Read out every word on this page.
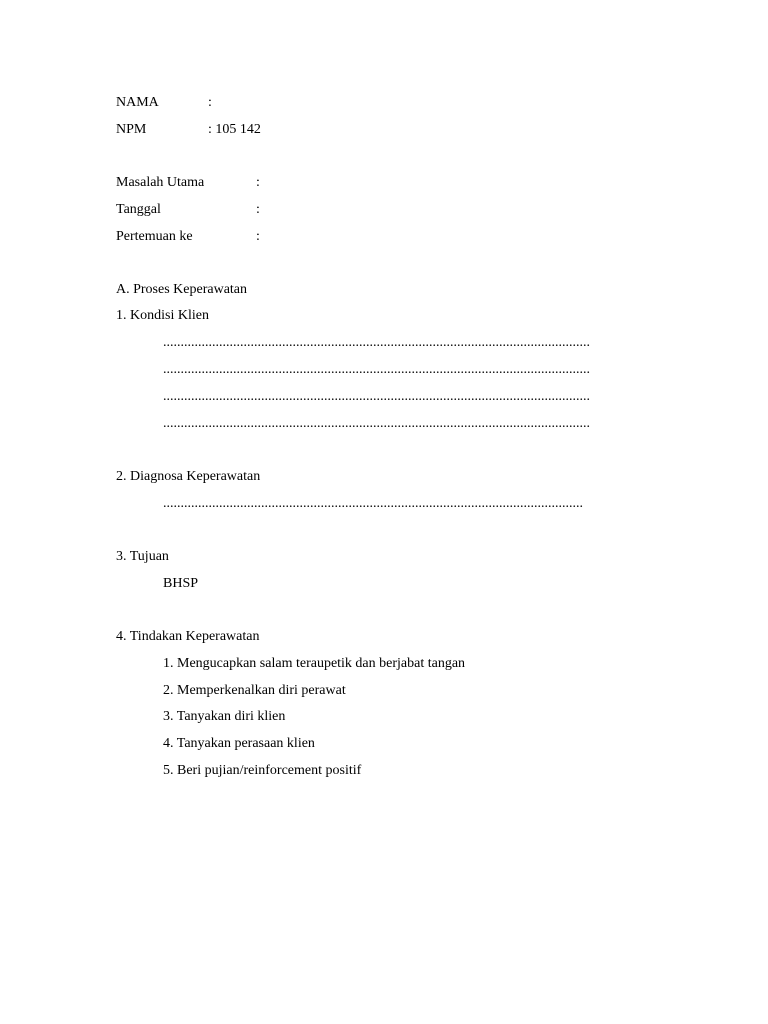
NAMA	:
NPM	: 105 142
Masalah Utama	:
Tanggal	:
Pertemuan ke	:
A. Proses Keperawatan
1. Kondisi Klien
..........................................................................................................................
..........................................................................................................................
..........................................................................................................................
..........................................................................................................................
2. Diagnosa Keperawatan
........................................................................................................................
3. Tujuan
BHSP
4. Tindakan Keperawatan
1. Mengucapkan salam teraupetik dan berjabat tangan
2. Memperkenalkan diri perawat
3. Tanyakan diri klien
4. Tanyakan perasaan klien
5. Beri pujian/reinforcement positif
